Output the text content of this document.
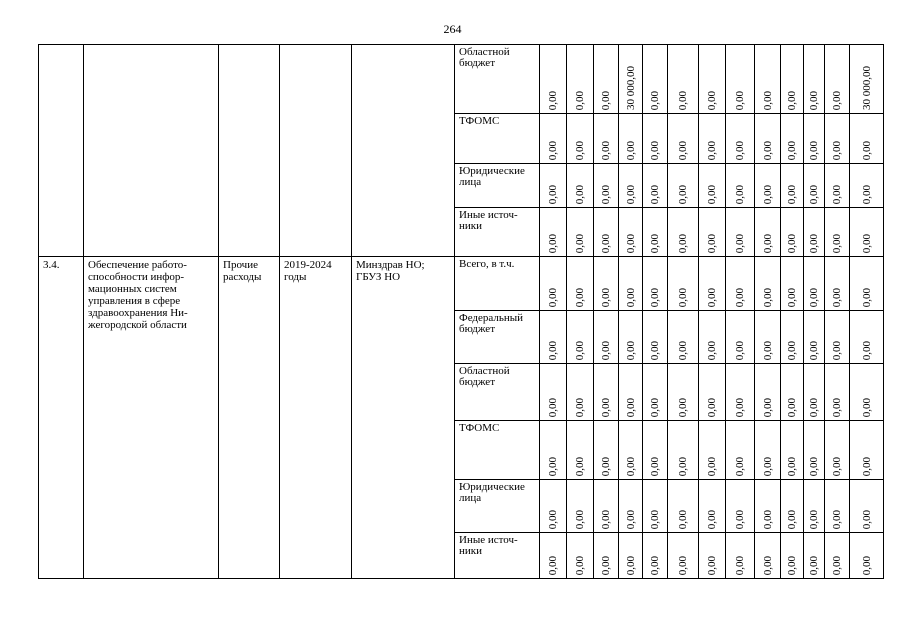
264
					Областной бюджет	0,00	0,00	0,00	30 000,00	0,00	0,00	0,00	0,00	0,00	0,00	0,00	0,00	30 000,00
					ТФОМС	0,00	0,00	0,00	0,00	0,00	0,00	0,00	0,00	0,00	0,00	0,00	0,00	0,00
					Юридические лица	0,00	0,00	0,00	0,00	0,00	0,00	0,00	0,00	0,00	0,00	0,00	0,00	0,00
					Иные источ-ники	0,00	0,00	0,00	0,00	0,00	0,00	0,00	0,00	0,00	0,00	0,00	0,00	0,00
3.4.	Обеспечение работо-способности инфор-мационных систем управления в сфере здравоохранения Ни-жегородской области	Прочие расходы	2019-2024 годы	Минздрав НО; ГБУЗ НО	Всего, в т.ч.	0,00	0,00	0,00	0,00	0,00	0,00	0,00	0,00	0,00	0,00	0,00	0,00	0,00
					Федеральный бюджет	0,00	0,00	0,00	0,00	0,00	0,00	0,00	0,00	0,00	0,00	0,00	0,00	0,00
					Областной бюджет	0,00	0,00	0,00	0,00	0,00	0,00	0,00	0,00	0,00	0,00	0,00	0,00	0,00
					ТФОМС	0,00	0,00	0,00	0,00	0,00	0,00	0,00	0,00	0,00	0,00	0,00	0,00	0,00
					Юридические лица	0,00	0,00	0,00	0,00	0,00	0,00	0,00	0,00	0,00	0,00	0,00	0,00	0,00
					Иные источ-ники	0,00	0,00	0,00	0,00	0,00	0,00	0,00	0,00	0,00	0,00	0,00	0,00	0,00
